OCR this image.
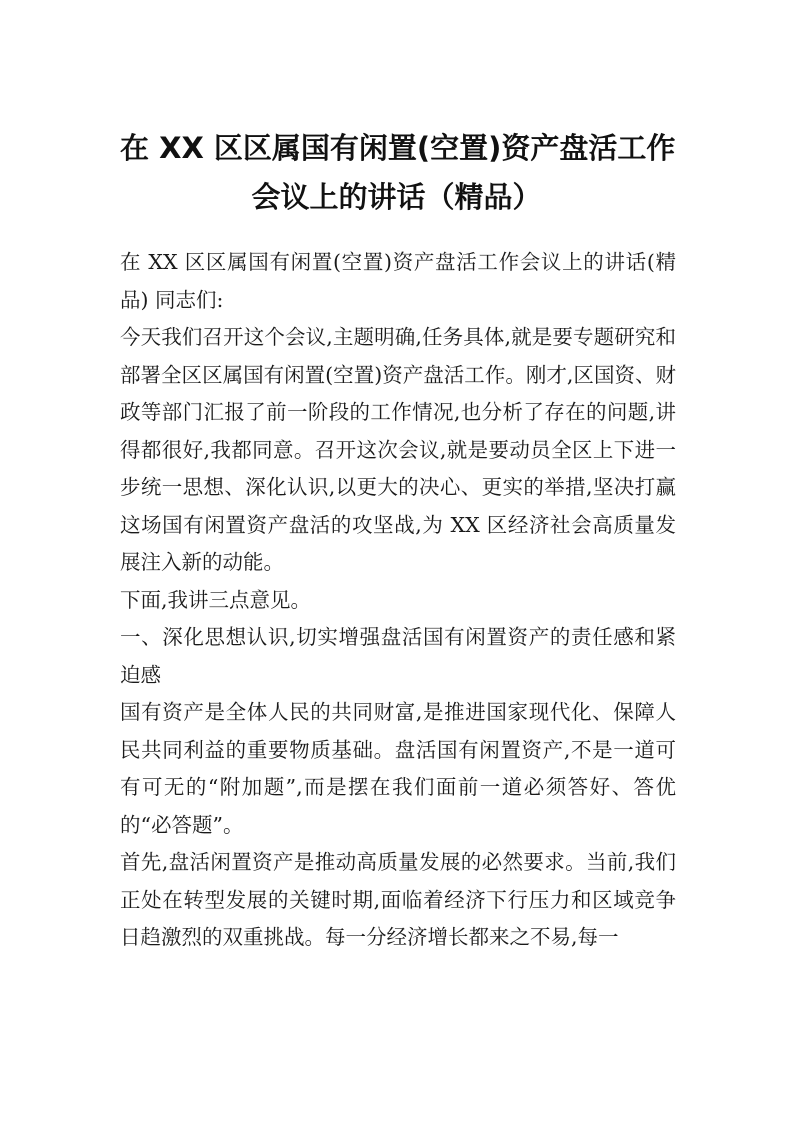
在 XX 区区属国有闲置(空置)资产盘活工作
会议上的讲话（精品）

在 XX 区区属国有闲置(空置)资产盘活工作会议上的讲话(精品) 同志们:

今天我们召开这个会议,主题明确,任务具体,就是要专题研究和部署全区区属国有闲置(空置)资产盘活工作。刚才,区国资、财政等部门汇报了前一阶段的工作情况,也分析了存在的问题,讲得都很好,我都同意。召开这次会议,就是要动员全区上下进一步统一思想、深化认识,以更大的决心、更实的举措,坚决打赢这场国有闲置资产盘活的攻坚战,为 XX 区经济社会高质量发展注入新的动能。

下面,我讲三点意见。

一、深化思想认识,切实增强盘活国有闲置资产的责任感和紧迫感

国有资产是全体人民的共同财富,是推进国家现代化、保障人民共同利益的重要物质基础。盘活国有闲置资产,不是一道可有可无的“附加题”,而是摆在我们面前一道必须答好、答优的“必答题”。

首先,盘活闲置资产是推动高质量发展的必然要求。当前,我们正处在转型发展的关键时期,面临着经济下行压力和区域竞争日趋激烈的双重挑战。每一分经济增长都来之不易,每一
